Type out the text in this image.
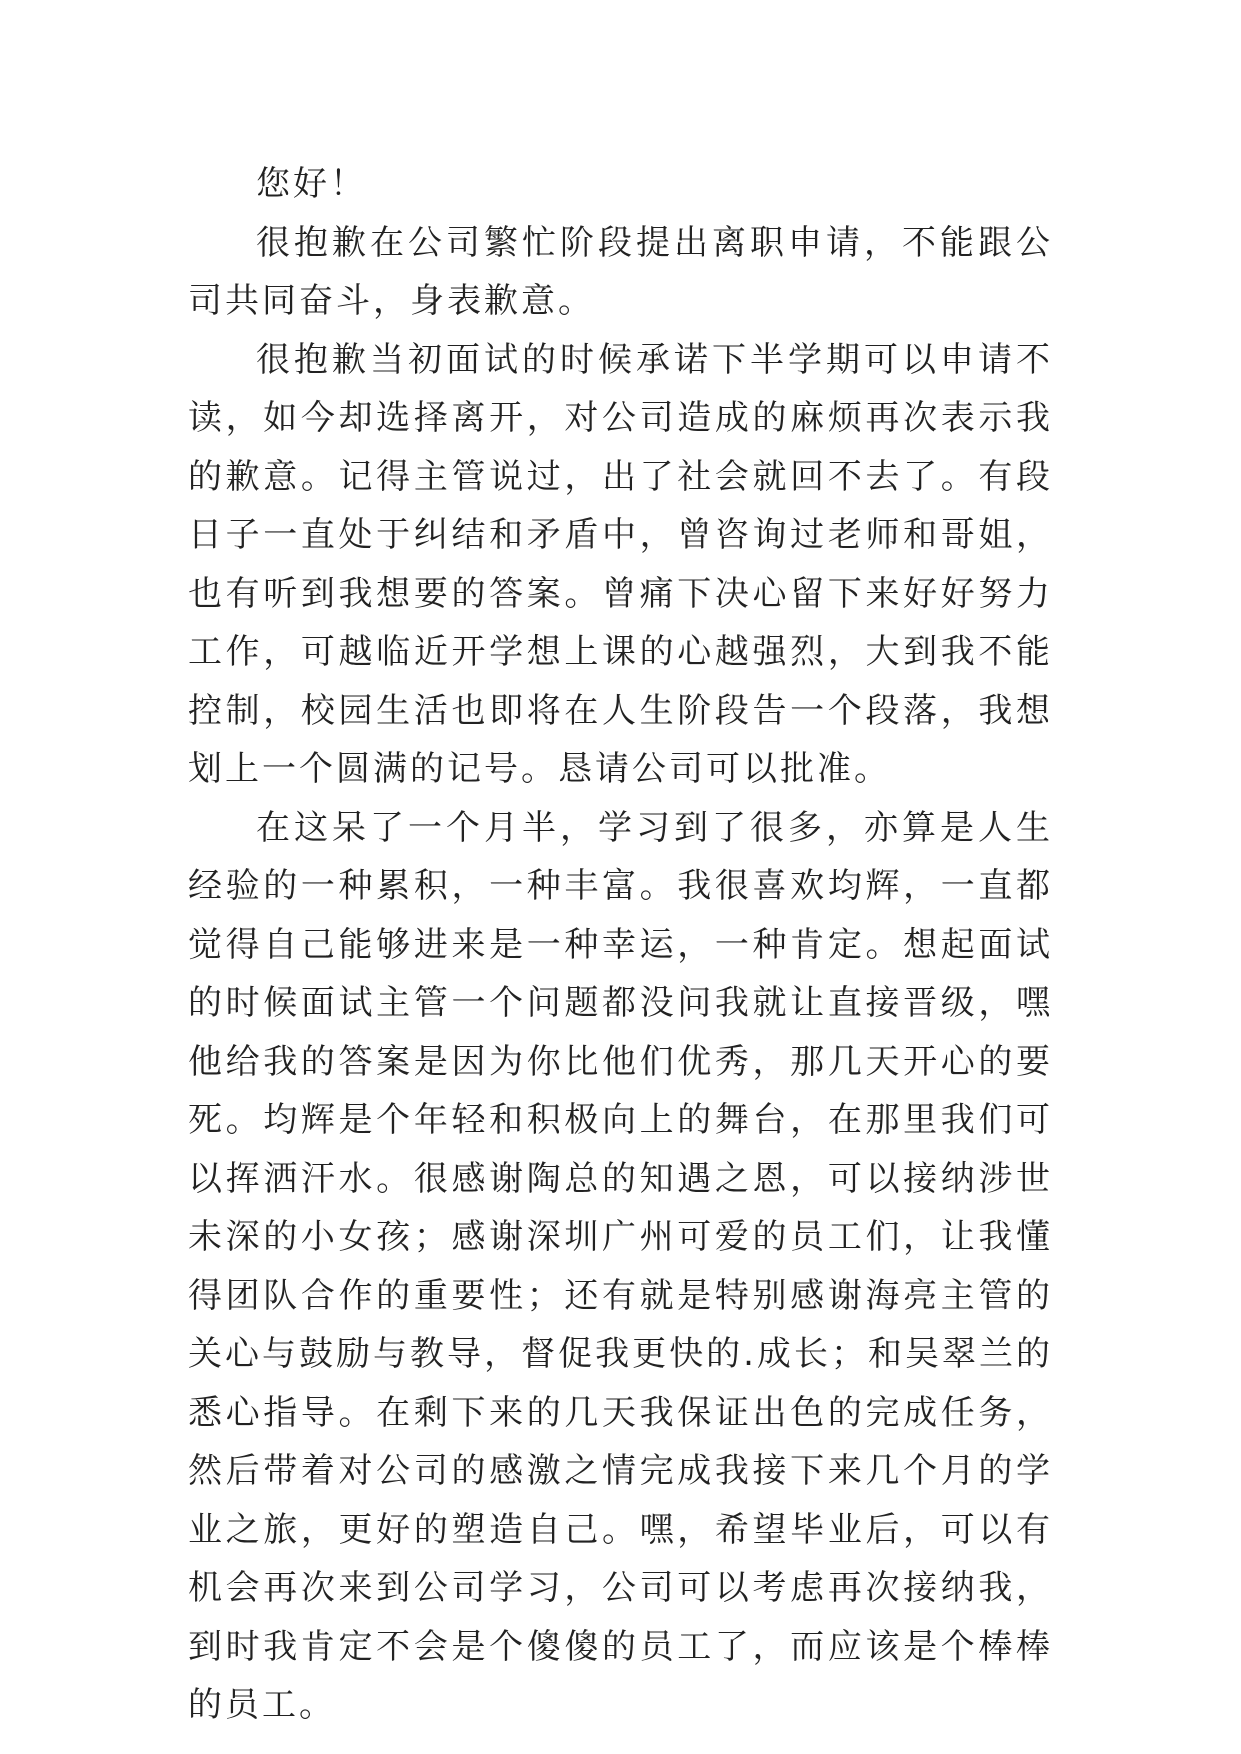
您好！

很抱歉在公司繁忙阶段提出离职申请，不能跟公司共同奋斗，身表歉意。

很抱歉当初面试的时候承诺下半学期可以申请不读，如今却选择离开，对公司造成的麻烦再次表示我的歉意。记得主管说过，出了社会就回不去了。有段日子一直处于纠结和矛盾中，曾咨询过老师和哥姐，也有听到我想要的答案。曾痛下决心留下来好好努力工作，可越临近开学想上课的心越强烈，大到我不能控制，校园生活也即将在人生阶段告一个段落，我想划上一个圆满的记号。恳请公司可以批准。

在这呆了一个月半，学习到了很多，亦算是人生经验的一种累积，一种丰富。我很喜欢均辉，一直都觉得自己能够进来是一种幸运，一种肯定。想起面试的时候面试主管一个问题都没问我就让直接晋级，嘿他给我的答案是因为你比他们优秀，那几天开心的要死。均辉是个年轻和积极向上的舞台，在那里我们可以挥洒汗水。很感谢陶总的知遇之恩，可以接纳涉世未深的小女孩；感谢深圳广州可爱的员工们，让我懂得团队合作的重要性；还有就是特别感谢海亮主管的关心与鼓励与教导，督促我更快的.成长；和吴翠兰的悉心指导。在剩下来的几天我保证出色的完成任务，然后带着对公司的感激之情完成我接下来几个月的学业之旅，更好的塑造自己。嘿，希望毕业后，可以有机会再次来到公司学习，公司可以考虑再次接纳我，到时我肯定不会是个傻傻的员工了，而应该是个棒棒的员工。
